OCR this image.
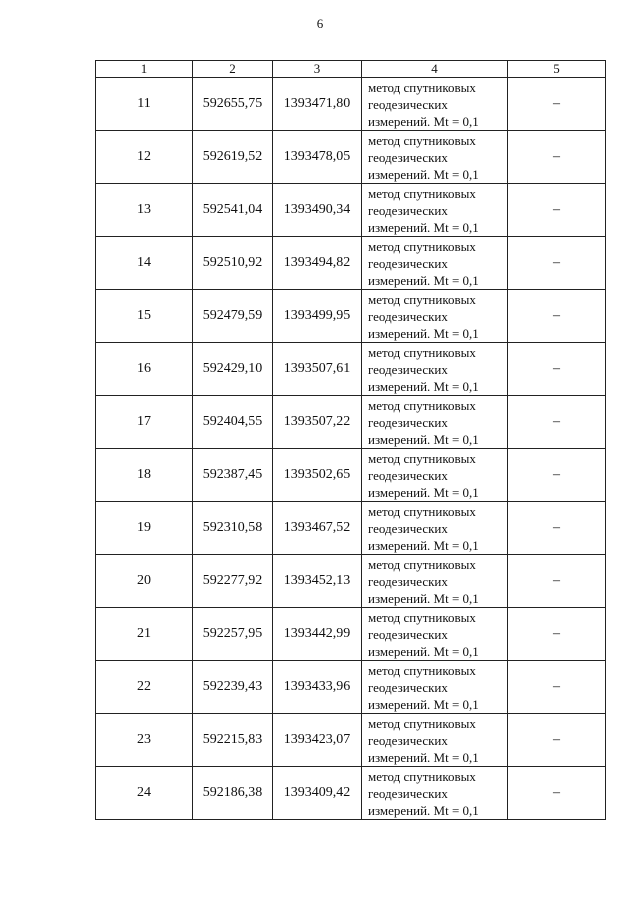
6
1	2	3	4	5
11	592655,75	1393471,80	метод спутниковых
геодезических
измерений. Mt = 0,1	–
12	592619,52	1393478,05	метод спутниковых
геодезических
измерений. Mt = 0,1	–
13	592541,04	1393490,34	метод спутниковых
геодезических
измерений. Mt = 0,1	–
14	592510,92	1393494,82	метод спутниковых
геодезических
измерений. Mt = 0,1	–
15	592479,59	1393499,95	метод спутниковых
геодезических
измерений. Mt = 0,1	–
16	592429,10	1393507,61	метод спутниковых
геодезических
измерений. Mt = 0,1	–
17	592404,55	1393507,22	метод спутниковых
геодезических
измерений. Mt = 0,1	–
18	592387,45	1393502,65	метод спутниковых
геодезических
измерений. Mt = 0,1	–
19	592310,58	1393467,52	метод спутниковых
геодезических
измерений. Mt = 0,1	–
20	592277,92	1393452,13	метод спутниковых
геодезических
измерений. Mt = 0,1	–
21	592257,95	1393442,99	метод спутниковых
геодезических
измерений. Mt = 0,1	–
22	592239,43	1393433,96	метод спутниковых
геодезических
измерений. Mt = 0,1	–
23	592215,83	1393423,07	метод спутниковых
геодезических
измерений. Mt = 0,1	–
24	592186,38	1393409,42	метод спутниковых
геодезических
измерений. Mt = 0,1	–
